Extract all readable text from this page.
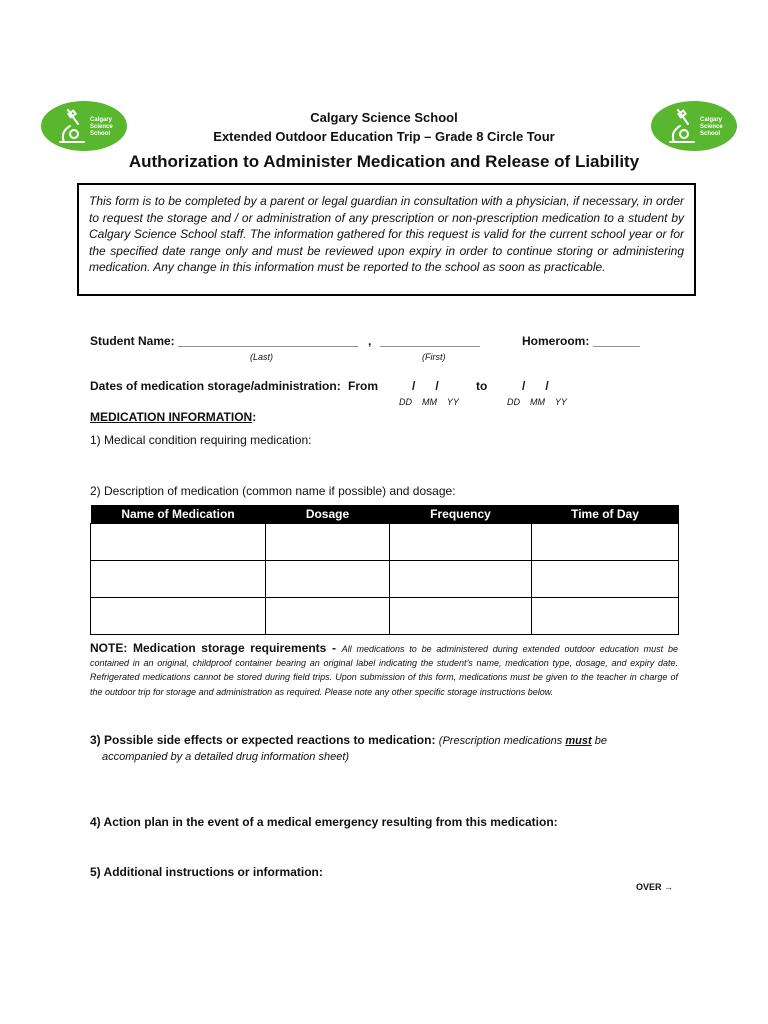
Calgary
Science
School
Calgary
Science
School
Calgary Science School
Extended Outdoor Education Trip – Grade 8 Circle Tour
Authorization to Administer Medication and Release of Liability
This form is to be completed by a parent or legal guardian in consultation with a physician, if necessary, in order to request the storage and / or administration of any prescription or non-prescription medication to a student by Calgary Science School staff. The information gathered for this request is valid for the current school year or for the specified date range only and must be reviewed upon expiry in order to continue storing or administering medication. Any change in this information must be reported to the school as soon as practicable.
Student Name: ___________________________ , _______________
(Last)	(First)
Homeroom: _______
Dates of medication storage/administration: From	/      /	to	/      /
DD    MM    YY	DD    MM    YY
MEDICATION INFORMATION:
1) Medical condition requiring medication:
2) Description of medication (common name if possible) and dosage:
Name of Medication	Dosage	Frequency	Time of Day

NOTE: Medication storage requirements - All medications to be administered during extended outdoor education must be contained in an original, childproof container bearing an original label indicating the student’s name, medication type, dosage, and expiry date. Refrigerated medications cannot be stored during field trips. Upon submission of this form, medications must be given to the teacher in charge of the outdoor trip for storage and administration as required. Please note any other specific storage instructions below.
3) Possible side effects or expected reactions to medication: (Prescription medications must be
accompanied by a detailed drug information sheet)
4) Action plan in the event of a medical emergency resulting from this medication:
5) Additional instructions or information:
OVER →
